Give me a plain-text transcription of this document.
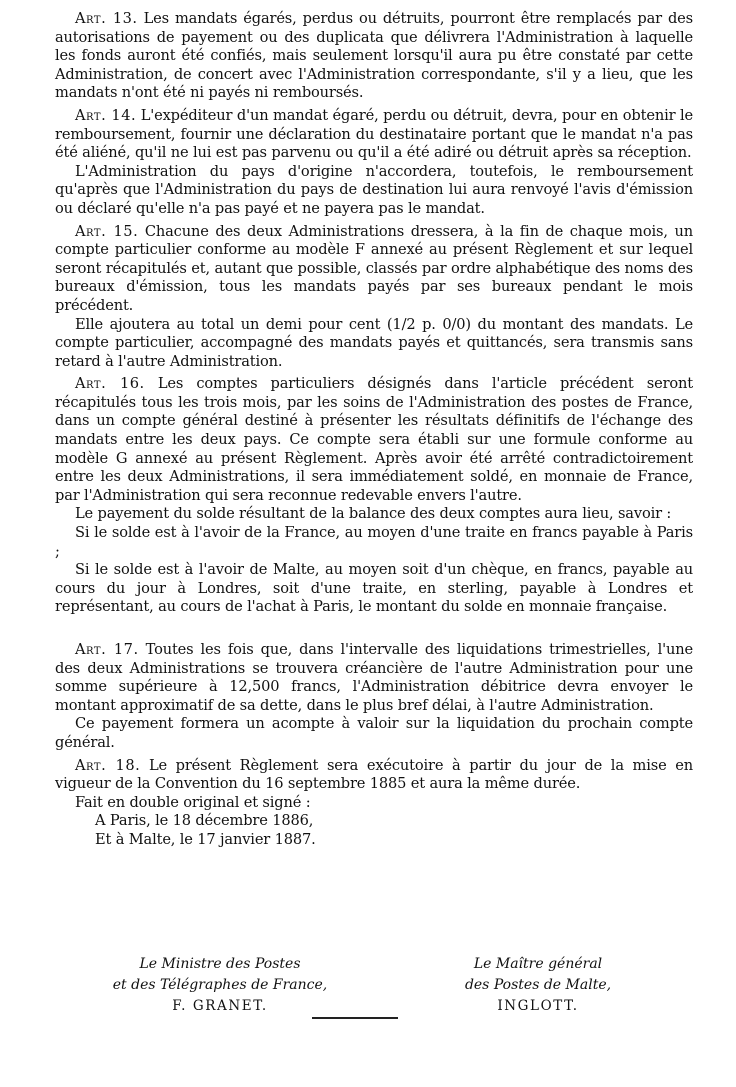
Art. 13. Les mandats égarés, perdus ou détruits, pourront être remplacés par des autorisations de payement ou des duplicata que délivrera l'Administration à laquelle les fonds auront été confiés, mais seulement lorsqu'il aura pu être constaté par cette Administration, de concert avec l'Administration correspondante, s'il y a lieu, que les mandats n'ont été ni payés ni remboursés.

Art. 14. L'expéditeur d'un mandat égaré, perdu ou détruit, devra, pour en obtenir le remboursement, fournir une déclaration du destinataire portant que le mandat n'a pas été aliéné, qu'il ne lui est pas parvenu ou qu'il a été adiré ou détruit après sa réception.

L'Administration du pays d'origine n'accordera, toutefois, le remboursement qu'après que l'Administration du pays de destination lui aura renvoyé l'avis d'émission ou déclaré qu'elle n'a pas payé et ne payera pas le mandat.

Art. 15. Chacune des deux Administrations dressera, à la fin de chaque mois, un compte particulier conforme au modèle F annexé au présent Règlement et sur lequel seront récapitulés et, autant que possible, classés par ordre alphabétique des noms des bureaux d'émission, tous les mandats payés par ses bureaux pendant le mois précédent.

Elle ajoutera au total un demi pour cent (1/2 p. 0/0) du montant des mandats. Le compte particulier, accompagné des mandats payés et quittancés, sera transmis sans retard à l'autre Administration.

Art. 16. Les comptes particuliers désignés dans l'article précédent seront récapitulés tous les trois mois, par les soins de l'Administration des postes de France, dans un compte général destiné à présenter les résultats définitifs de l'échange des mandats entre les deux pays. Ce compte sera établi sur une formule conforme au modèle G annexé au présent Règlement. Après avoir été arrêté contradictoirement entre les deux Administrations, il sera immédiatement soldé, en monnaie de France, par l'Administration qui sera reconnue redevable envers l'autre.

Le payement du solde résultant de la balance des deux comptes aura lieu, savoir :

Si le solde est à l'avoir de la France, au moyen d'une traite en francs payable à Paris ;

Si le solde est à l'avoir de Malte, au moyen soit d'un chèque, en francs, payable au cours du jour à Londres, soit d'une traite, en sterling, payable à Londres et représentant, au cours de l'achat à Paris, le montant du solde en monnaie française.

Art. 17. Toutes les fois que, dans l'intervalle des liquidations trimestrielles, l'une des deux Administrations se trouvera créancière de l'autre Administration pour une somme supérieure à 12,500 francs, l'Administration débitrice devra envoyer le montant approximatif de sa dette, dans le plus bref délai, à l'autre Administration.

Ce payement formera un acompte à valoir sur la liquidation du prochain compte général.

Art. 18. Le présent Règlement sera exécutoire à partir du jour de la mise en vigueur de la Convention du 16 septembre 1885 et aura la même durée.

Fait en double original et signé :

A Paris, le 18 décembre 1886,

Et à Malte, le 17 janvier 1887.

Le Ministre des Postes
et des Télégraphes de France,
F. GRANET.
Le Maître général
des Postes de Malte,
INGLOTT.
